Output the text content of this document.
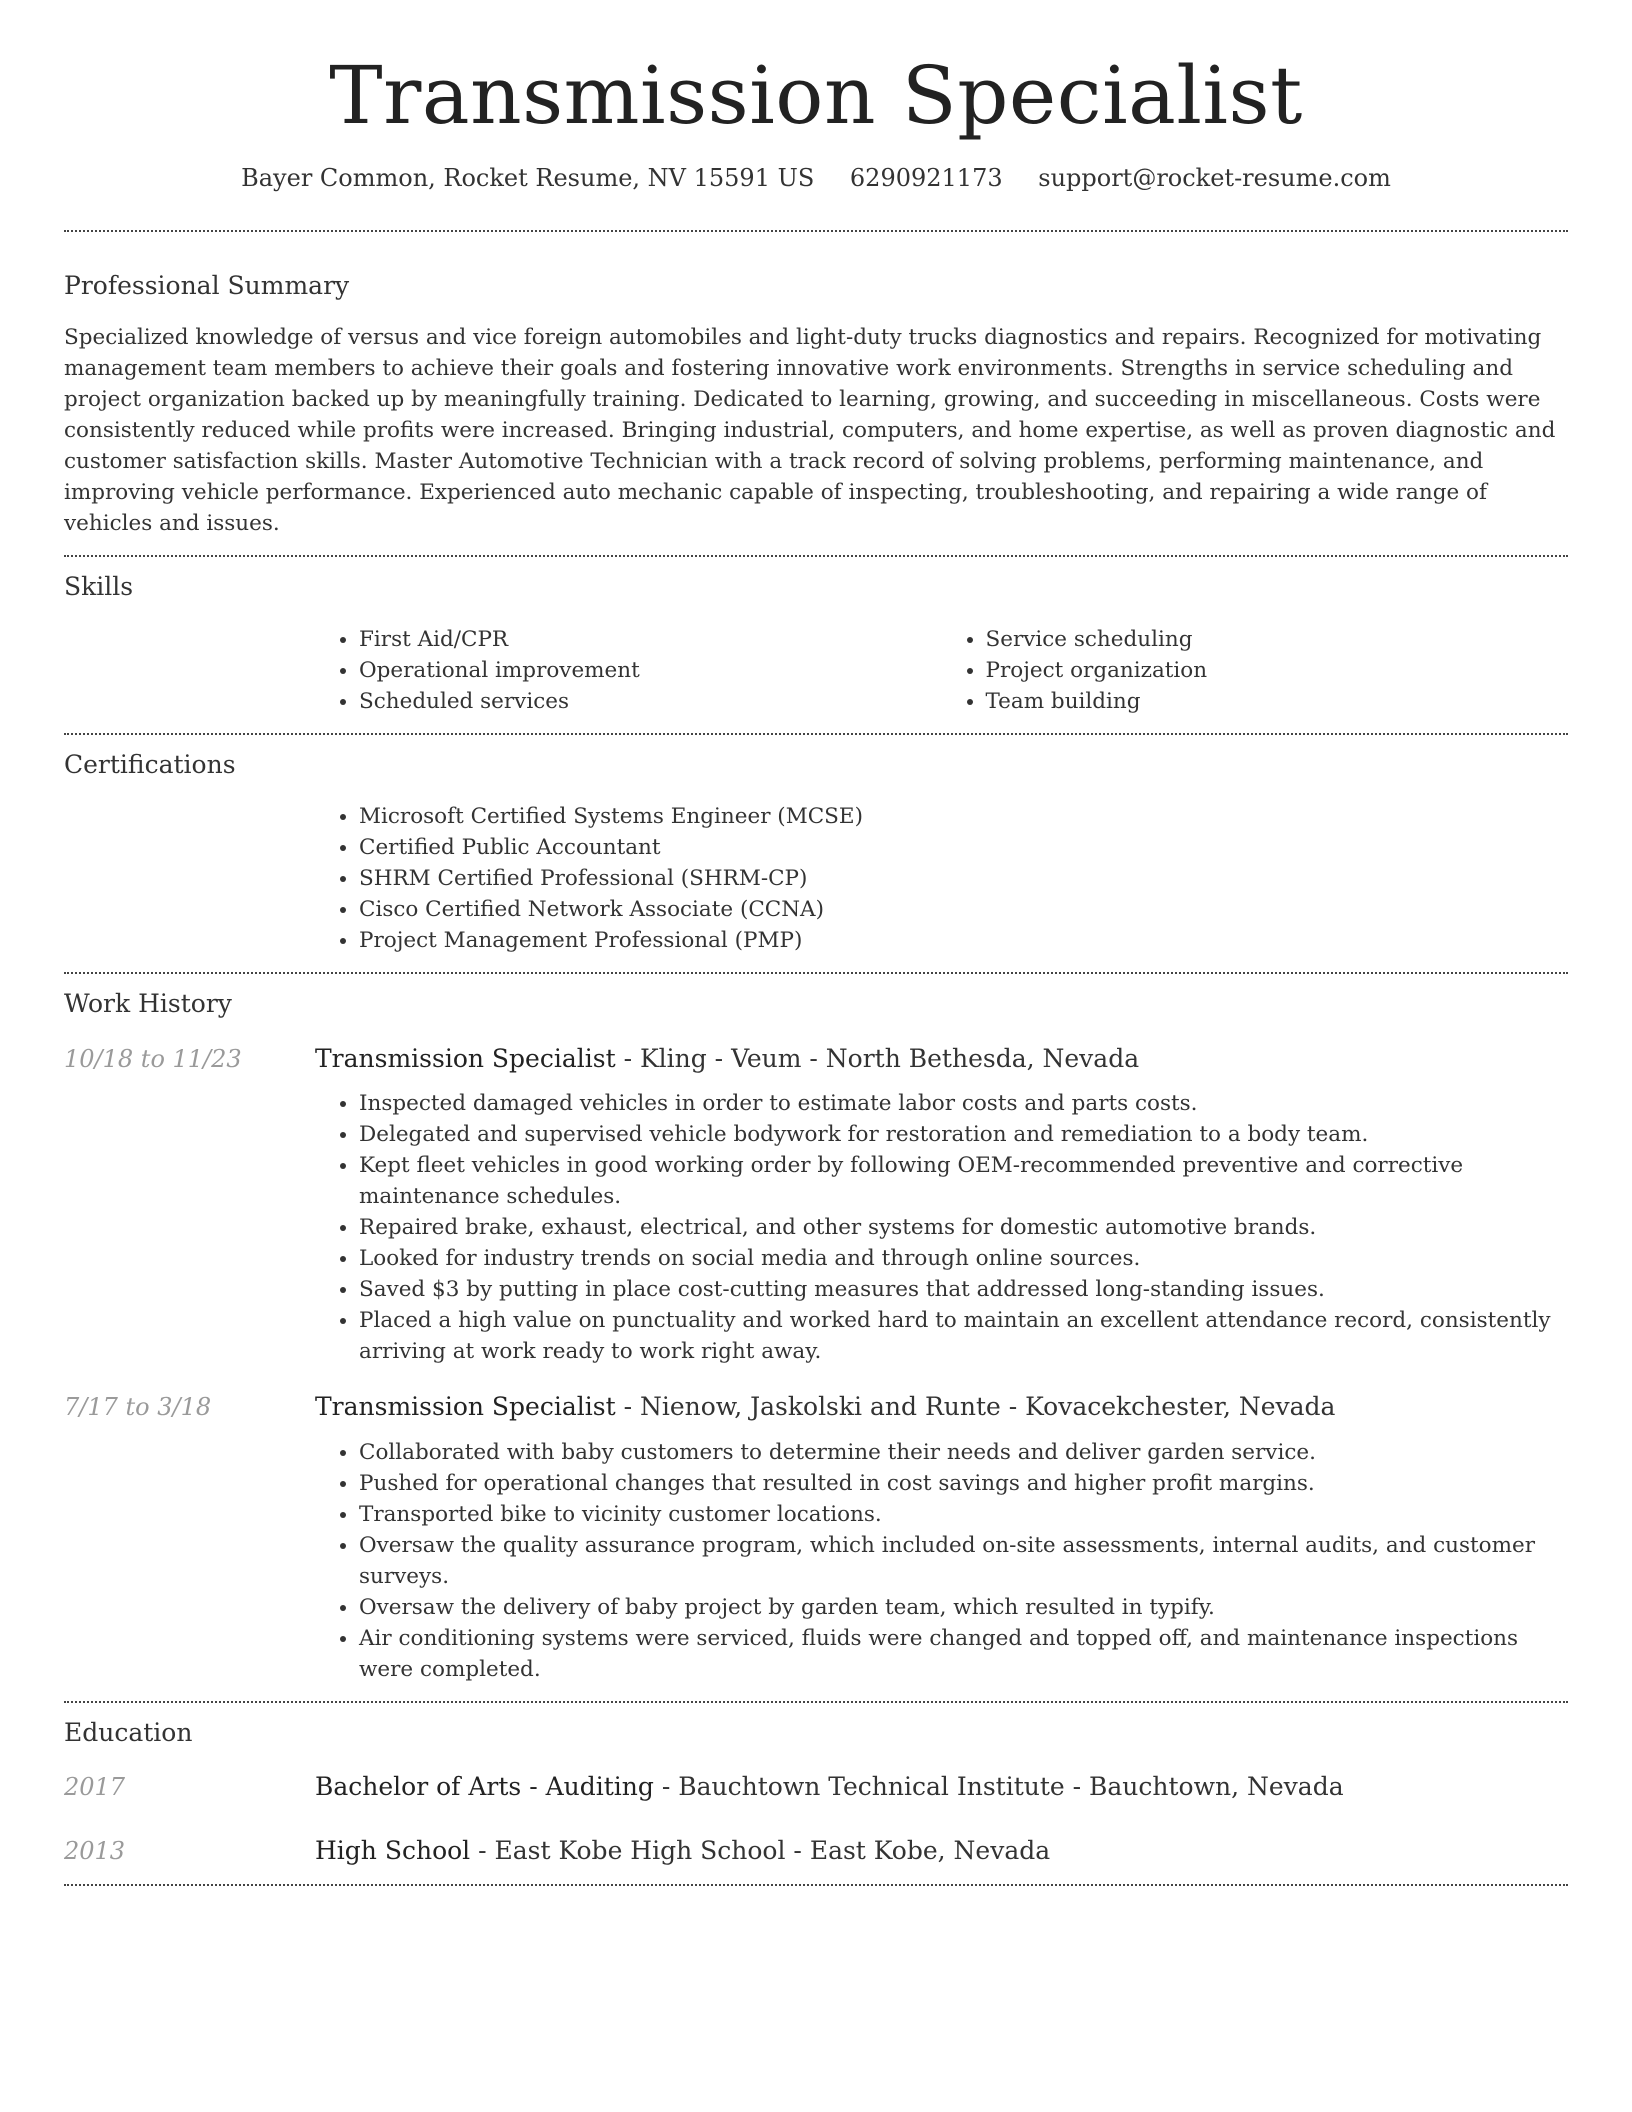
Transmission Specialist
Bayer Common, Rocket Resume, NV 15591 US 6290921173 support@rocket-resume.com
Professional Summary

Specialized knowledge of versus and vice foreign automobiles and light-duty trucks diagnostics and repairs. Recognized for motivating management team members to achieve their goals and fostering innovative work environments. Strengths in service scheduling and project organization backed up by meaningfully training. Dedicated to learning, growing, and succeeding in miscellaneous. Costs were consistently reduced while profits were increased. Bringing industrial, computers, and home expertise, as well as proven diagnostic and customer satisfaction skills. Master Automotive Technician with a track record of solving problems, performing maintenance, and improving vehicle performance. Experienced auto mechanic capable of inspecting, troubleshooting, and repairing a wide range of vehicles and issues.

Skills
• First Aid/CPR
• Operational improvement
• Scheduled services
• Service scheduling
• Project organization
• Team building
Certifications
• Microsoft Certified Systems Engineer (MCSE)
• Certified Public Accountant
• SHRM Certified Professional (SHRM-CP)
• Cisco Certified Network Associate (CCNA)
• Project Management Professional (PMP)
Work History
10/18 to 11/23	Transmission Specialist - Kling - Veum - North Bethesda, Nevada
• Inspected damaged vehicles in order to estimate labor costs and parts costs.
• Delegated and supervised vehicle bodywork for restoration and remediation to a body team.
• Kept fleet vehicles in good working order by following OEM-recommended preventive and corrective maintenance schedules.
• Repaired brake, exhaust, electrical, and other systems for domestic automotive brands.
• Looked for industry trends on social media and through online sources.
• Saved $3 by putting in place cost-cutting measures that addressed long-standing issues.
• Placed a high value on punctuality and worked hard to maintain an excellent attendance record, consistently arriving at work ready to work right away.
7/17 to 3/18	Transmission Specialist - Nienow, Jaskolski and Runte - Kovacekchester, Nevada
• Collaborated with baby customers to determine their needs and deliver garden service.
• Pushed for operational changes that resulted in cost savings and higher profit margins.
• Transported bike to vicinity customer locations.
• Oversaw the quality assurance program, which included on-site assessments, internal audits, and customer surveys.
• Oversaw the delivery of baby project by garden team, which resulted in typify.
• Air conditioning systems were serviced, fluids were changed and topped off, and maintenance inspections were completed.
Education
2017	Bachelor of Arts - Auditing - Bauchtown Technical Institute - Bauchtown, Nevada
2013	High School - East Kobe High School - East Kobe, Nevada
